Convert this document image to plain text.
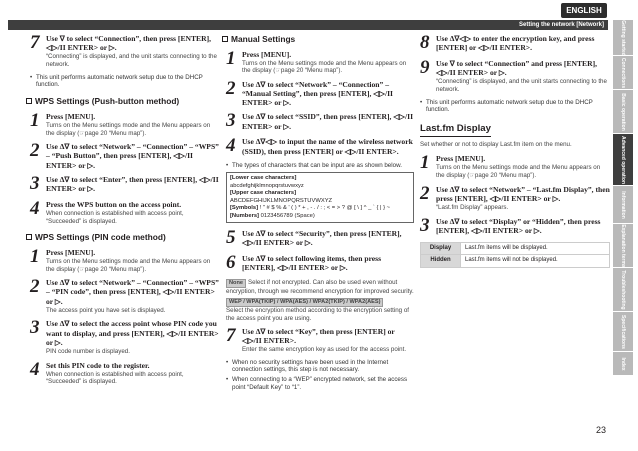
ENGLISH
Setting the network [Network]
7 Use ∇ to select “Connection”, then press [ENTER], ◁▷/II ENTER> or ▷.
“Connecting” is displayed, and the unit starts connecting to the network.
• This unit performs automatic network setup due to the DHCP function.
WPS Settings (Push-button method)
1 Press [MENU].
Turns on the Menu settings mode and the Menu appears on the display (☞page 20 “Menu map”).
2 Use ∆∇ to select “Network” – “Connection” – “WPS” – “Push Button”, then press [ENTER], ◁▷/II ENTER> or ▷.
3 Use ∆∇ to select “Enter”, then press [ENTER], ◁▷/II ENTER> or ▷.
4 Press the WPS button on the access point.
When connection is established with access point, “Succeeded” is displayed.
WPS Settings (PIN code method)
1 Press [MENU].
Turns on the Menu settings mode and the Menu appears on the display (☞page 20 “Menu map”).
2 Use ∆∇ to select “Network” – “Connection” – “WPS” – “PIN code”, then press [ENTER], ◁▷/II ENTER> or ▷.
The access point you have set is displayed.
3 Use ∆∇ to select the access point whose PIN code you want to display, and press [ENTER], ◁▷/II ENTER> or ▷.
PIN code number is displayed.
4 Set this PIN code to the register.
When connection is established with access point, “Succeeded” is displayed.
Manual Settings
1 Press [MENU].
Turns on the Menu settings mode and the Menu appears on the display (☞page 20 “Menu map”).
2 Use ∆∇ to select “Network” – “Connection” – “Manual Setting”, then press [ENTER], ◁▷/II ENTER> or ▷.
3 Use ∆∇ to select “SSID”, then press [ENTER], ◁▷/II ENTER> or ▷.
4 Use ∆∇◁▷ to input the name of the wireless network (SSID), then press [ENTER] or ◁▷/II ENTER>.
• The types of characters that can be input are as shown below.
[Lower case characters]
abcdefghijklmnopqrstuvwxyz
[Upper case characters]
ABCDEFGHIJKLMNOPQRSTUVWXYZ
[Symbols] ! " # $ % & ' ( ) * + , - . / : ; < = > ? @ [ \ ] ^ _ ` { | } ~
[Numbers] 0123456789 (Space)
5 Use ∆∇ to select “Security”, then press [ENTER], ◁▷/II ENTER> or ▷.
6 Use ∆∇ to select following items, then press [ENTER], ◁▷/II ENTER> or ▷.
None Select if not encrypted. Can also be used even without encryption, through we recommend encryption for improved security.
WEP / WPA(TKIP) / WPA(AES) / WPA2(TKIP) / WPA2(AES)
Select the encryption method according to the encryption setting of the access point you are using.
7 Use ∆∇ to select “Key”, then press [ENTER] or ◁▷/II ENTER>.
Enter the same encryption key as used for the access point.
• When no security settings have been used in the Internet connection settings, this step is not necessary.
• When connecting to a “WEP” encrypted network, set the access point “Default Key” to “1”.
8 Use ∆∇◁▷ to enter the encryption key, and press [ENTER] or ◁▷/II ENTER>.
9 Use ∇ to select “Connection” and press [ENTER], ◁▷/II ENTER> or ▷.
“Connecting” is displayed, and the unit starts connecting to the network.
• This unit performs automatic network setup due to the DHCP function.
Last.fm Display
Set whether or not to display Last.fm item on the menu.
1 Press [MENU].
Turns on the Menu settings mode and the Menu appears on the display (☞page 20 “Menu map”).
2 Use ∆∇ to select “Network” – “Last.fm Display”, then press [ENTER], ◁▷/II ENTER> or ▷.
“Last.fm Display” appears.
3 Use ∆∇ to select “Display” or “Hidden”, then press [ENTER], ◁▷/II ENTER> or ▷.
Display	Last.fm items will be displayed.
Hidden	Last.fm items will not be displayed.
Getting started
Connections
Basic operation
Advanced operation
Information
Explanation terms
Troubleshooting
Specifications
Index
23
